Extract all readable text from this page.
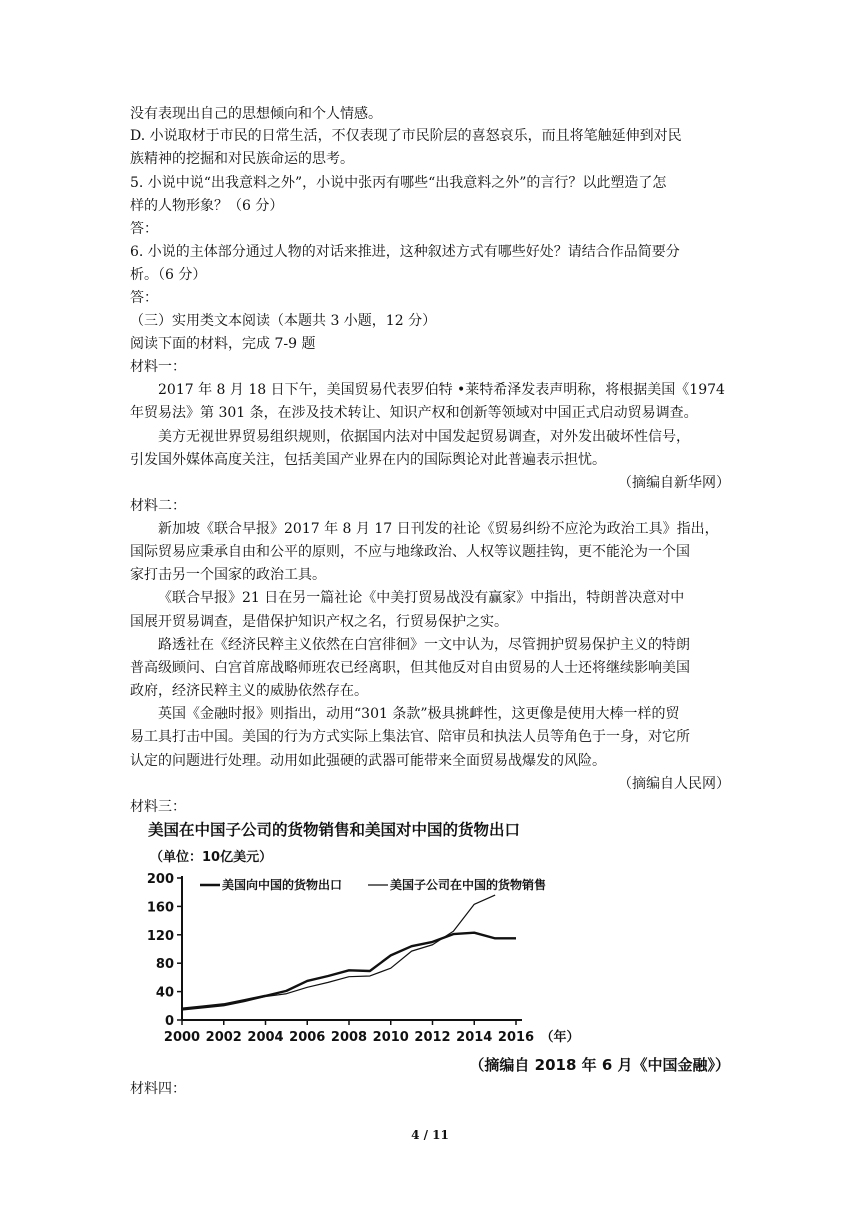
没有表现出自己的思想倾向和个人情感。
D. 小说取材于市民的日常生活，不仅表现了市民阶层的喜怒哀乐，而且将笔触延伸到对民
族精神的挖掘和对民族命运的思考。
5. 小说中说“出我意料之外”，小说中张丙有哪些“出我意料之外”的言行？以此塑造了怎
样的人物形象？（6 分）
答：
6. 小说的主体部分通过人物的对话来推进，这种叙述方式有哪些好处？请结合作品简要分
析。（6 分）
答：
（三）实用类文本阅读（本题共 3 小题，12 分）
阅读下面的材料，完成 7-9 题
材料一：
2017 年 8 月 18 日下午，美国贸易代表罗伯特 •莱特希泽发表声明称，将根据美国《1974
年贸易法》第 301 条，在涉及技术转让、知识产权和创新等领域对中国正式启动贸易调查。
美方无视世界贸易组织规则，依据国内法对中国发起贸易调查，对外发出破坏性信号，
引发国外媒体高度关注，包括美国产业界在内的国际舆论对此普遍表示担忧。
（摘编自新华网）
材料二：
新加坡《联合早报》2017 年 8 月 17 日刊发的社论《贸易纠纷不应沦为政治工具》指出，
国际贸易应秉承自由和公平的原则，不应与地缘政治、人权等议题挂钩，更不能沦为一个国
家打击另一个国家的政治工具。
《联合早报》21 日在另一篇社论《中美打贸易战没有赢家》中指出，特朗普决意对中
国展开贸易调查，是借保护知识产权之名，行贸易保护之实。
路透社在《经济民粹主义依然在白宫徘徊》一文中认为，尽管拥护贸易保护主义的特朗
普高级顾问、白宫首席战略师班农已经离职，但其他反对自由贸易的人士还将继续影响美国
政府，经济民粹主义的威胁依然存在。
英国《金融时报》则指出，动用“301 条款”极具挑衅性，这更像是使用大棒一样的贸
易工具打击中国。美国的行为方式实际上集法官、陪审员和执法人员等角色于一身，对它所
认定的问题进行处理。动用如此强硬的武器可能带来全面贸易战爆发的风险。
（摘编自人民网）
材料三：
美国在中国子公司的货物销售和美国对中国的货物出口
（单位：10亿美元）
0
40
80
120
160
200
2000 2002 2004 2006 2008 2010 2012 2014 2016 （年）
美国向中国的货物出口	美国子公司在中国的货物销售
（摘编自 2018 年 6 月《中国金融》）
材料四：
4 / 11
